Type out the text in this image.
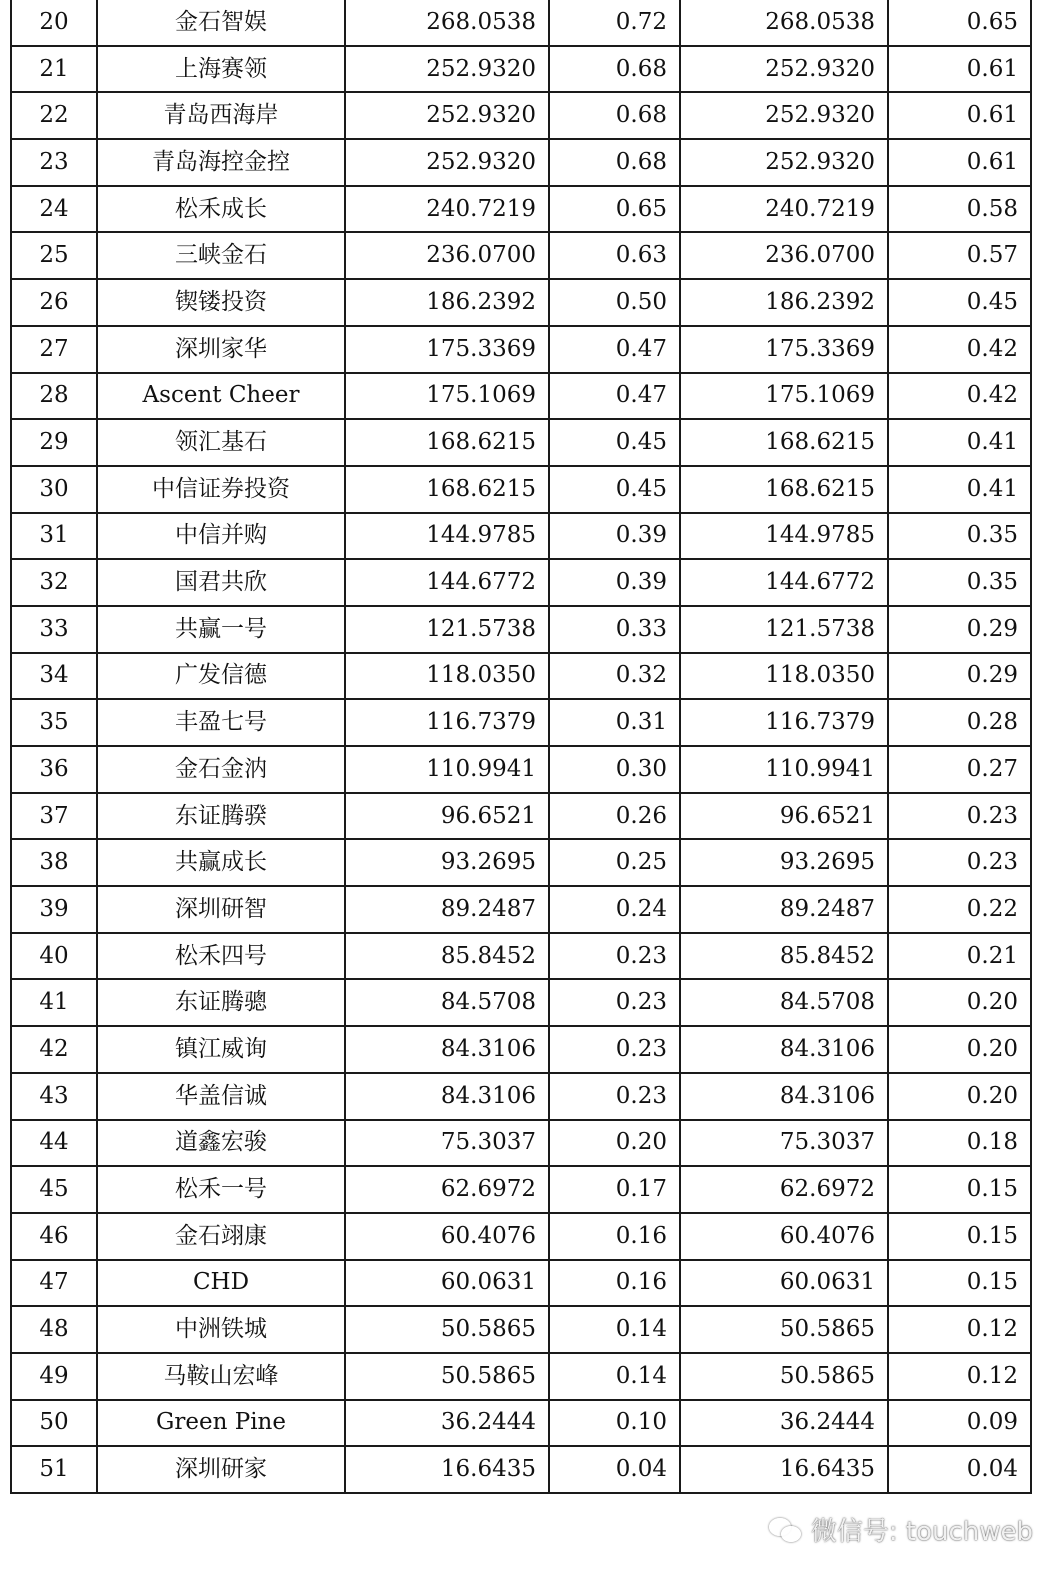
20	金石智娱	268.0538	0.72	268.0538	0.65
21	上海赛领	252.9320	0.68	252.9320	0.61
22	青岛西海岸	252.9320	0.68	252.9320	0.61
23	青岛海控金控	252.9320	0.68	252.9320	0.61
24	松禾成长	240.7219	0.65	240.7219	0.58
25	三峡金石	236.0700	0.63	236.0700	0.57
26	锲镂投资	186.2392	0.50	186.2392	0.45
27	深圳家华	175.3369	0.47	175.3369	0.42
28	Ascent Cheer	175.1069	0.47	175.1069	0.42
29	领汇基石	168.6215	0.45	168.6215	0.41
30	中信证券投资	168.6215	0.45	168.6215	0.41
31	中信并购	144.9785	0.39	144.9785	0.35
32	国君共欣	144.6772	0.39	144.6772	0.35
33	共赢一号	121.5738	0.33	121.5738	0.29
34	广发信德	118.0350	0.32	118.0350	0.29
35	丰盈七号	116.7379	0.31	116.7379	0.28
36	金石金汭	110.9941	0.30	110.9941	0.27
37	东证腾骙	96.6521	0.26	96.6521	0.23
38	共赢成长	93.2695	0.25	93.2695	0.23
39	深圳研智	89.2487	0.24	89.2487	0.22
40	松禾四号	85.8452	0.23	85.8452	0.21
41	东证腾骢	84.5708	0.23	84.5708	0.20
42	镇江威询	84.3106	0.23	84.3106	0.20
43	华盖信诚	84.3106	0.23	84.3106	0.20
44	道鑫宏骏	75.3037	0.20	75.3037	0.18
45	松禾一号	62.6972	0.17	62.6972	0.15
46	金石翊康	60.4076	0.16	60.4076	0.15
47	CHD	60.0631	0.16	60.0631	0.15
48	中洲铁城	50.5865	0.14	50.5865	0.12
49	马鞍山宏峰	50.5865	0.14	50.5865	0.12
50	Green Pine	36.2444	0.10	36.2444	0.09
51	深圳研家	16.6435	0.04	16.6435	0.04
微信号: touchweb
